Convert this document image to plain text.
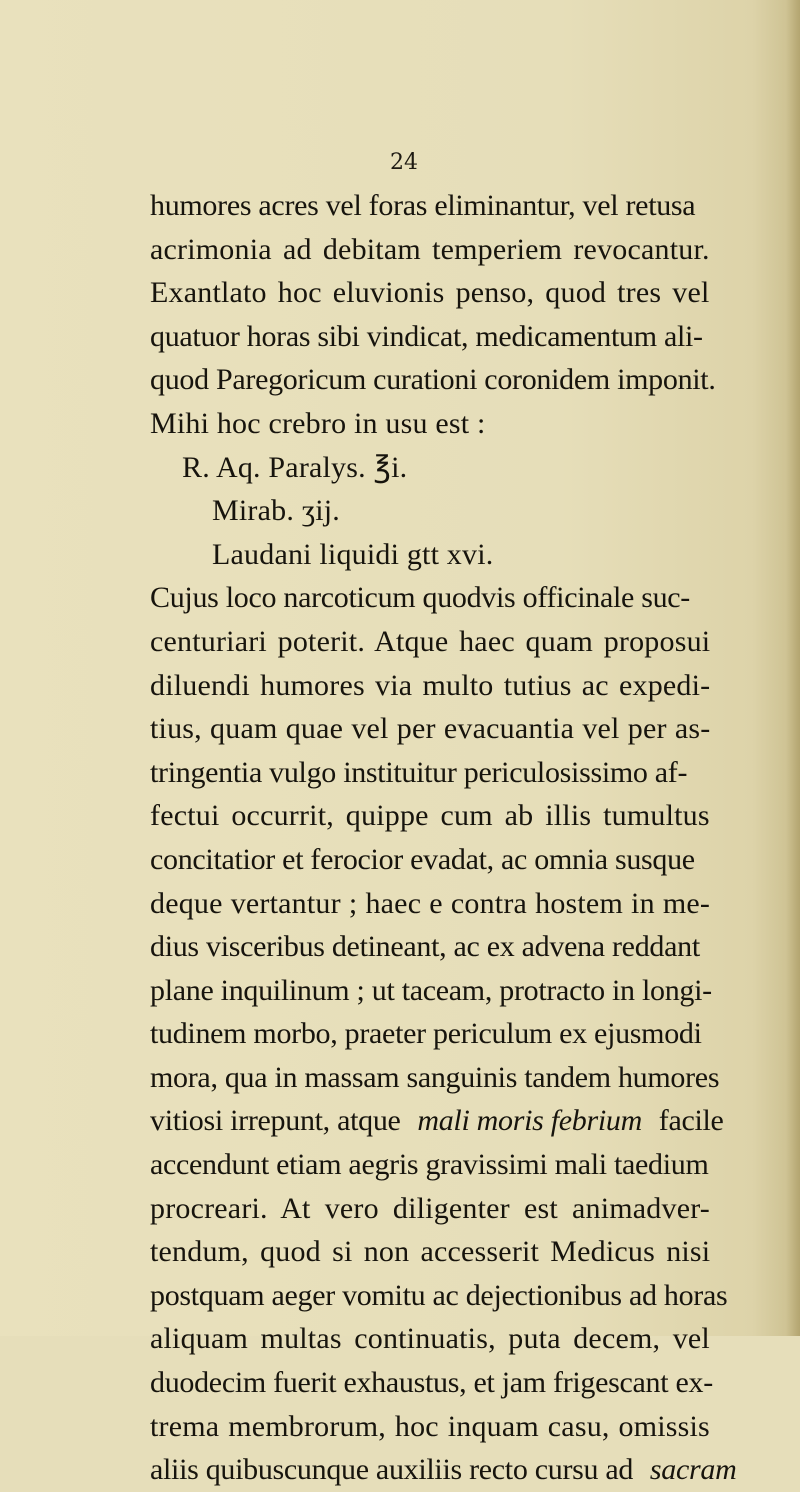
24
humores acres vel foras eliminantur, vel retusa
acrimonia ad debitam temperiem revocantur.
Exantlato hoc eluvionis penso, quod tres vel
quatuor horas sibi vindicat, medicamentum ali-
quod Paregoricum curationi coronidem imponit.
Mihi hoc crebro in usu est :
R. Aq. Paralys. ℥i.
Mirab. ʒij.
Laudani liquidi gtt xvi.
Cujus loco narcoticum quodvis officinale suc-
centuriari poterit. Atque haec quam proposui
diluendi humores via multo tutius ac expedi-
tius, quam quae vel per evacuantia vel per as-
tringentia vulgo instituitur periculosissimo af-
fectui occurrit, quippe cum ab illis tumultus
concitatior et ferocior evadat, ac omnia susque
deque vertantur ; haec e contra hostem in me-
dius visceribus detineant, ac ex advena reddant
plane inquilinum ; ut taceam, protracto in longi-
tudinem morbo, praeter periculum ex ejusmodi
mora, qua in massam sanguinis tandem humores
vitiosi irrepunt, atque mali moris febrium facile
accendunt etiam aegris gravissimi mali taedium
procreari. At vero diligenter est animadver-
tendum, quod si non accesserit Medicus nisi
postquam aeger vomitu ac dejectionibus ad horas
aliquam multas continuatis, puta decem, vel
duodecim fuerit exhaustus, et jam frigescant ex-
trema membrorum, hoc inquam casu, omissis
aliis quibuscunque auxiliis recto cursu ad sacram
